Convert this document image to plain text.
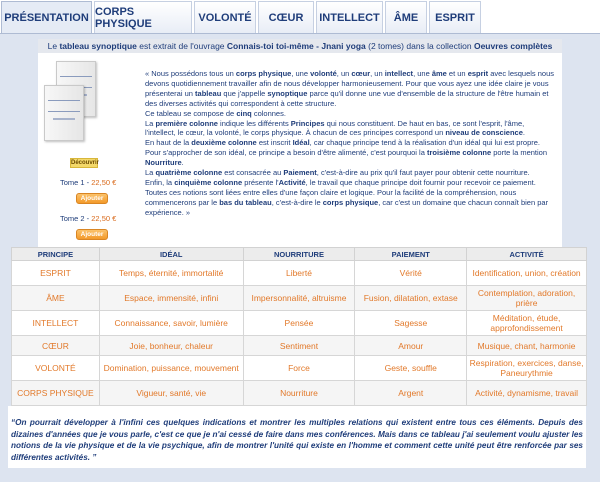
PRÉSENTATION CORPS PHYSIQUE	VOLONTÉ	CŒUR	INTELLECT	ÂME	ESPRIT
Le tableau synoptique est extrait de l'ouvrage Connais-toi toi-même - Jnani yoga (2 tomes) dans la collection Oeuvres complètes
Découvrir
Tome 1 - 22,50 €
Ajouter
Tome 2 - 22,50 €
Ajouter

« Nous possédons tous un corps physique, une volonté, un cœur, un intellect, une âme et un esprit avec lesquels nous devons quotidiennement travailler afin de nous développer harmonieusement. Pour que vous ayez une idée claire je vous présenterai un tableau que j'appelle synoptique parce qu'il donne une vue d'ensemble de la structure de l'être humain et des diverses activités qui correspondent à cette structure.

Ce tableau se compose de cinq colonnes.

La première colonne indique les différents Principes qui nous constituent. De haut en bas, ce sont l'esprit, l'âme, l'intellect, le cœur, la volonté, le corps physique. À chacun de ces principes correspond un niveau de conscience.

En haut de la deuxième colonne est inscrit Idéal, car chaque principe tend à la réalisation d'un idéal qui lui est propre.

Pour s'approcher de son idéal, ce principe a besoin d'être alimenté, c'est pourquoi la troisième colonne porte la mention Nourriture.

La quatrième colonne est consacrée au Paiement, c'est-à-dire au prix qu'il faut payer pour obtenir cette nourriture.

Enfin, la cinquième colonne présente l'Activité, le travail que chaque principe doit fournir pour recevoir ce paiement.

Toutes ces notions sont liées entre elles d'une façon claire et logique. Pour la facilité de la compréhension, nous commencerons par le bas du tableau, c'est-à-dire le corps physique, car c'est un domaine que chacun connaît bien par expérience. »

PRINCIPE	IDÉAL	NOURRITURE	PAIEMENT	ACTIVITÉ
ESPRIT	Temps, éternité, immortalité	Liberté	Vérité	Identification, union, création
ÂME	Espace, immensité, infini	Impersonnalité, altruisme	Fusion, dilatation, extase	Contemplation, adoration, prière
INTELLECT	Connaissance, savoir, lumière	Pensée	Sagesse	Méditation, étude, approfondissement
CŒUR	Joie, bonheur, chaleur	Sentiment	Amour	Musique, chant, harmonie
VOLONTÉ	Domination, puissance, mouvement	Force	Geste, souffle	Respiration, exercices, danse, Paneurythmie
CORPS PHYSIQUE	Vigueur, santé, vie	Nourriture	Argent	Activité, dynamisme, travail
“On pourrait développer à l'infini ces quelques indications et montrer les multiples relations qui existent entre tous ces éléments. Depuis des dizaines d'années que je vous parle, c'est ce que je n'ai cessé de faire dans mes conférences. Mais dans ce tableau j'ai seulement voulu ajuster les notions de la vie physique et de la vie psychique, afin de montrer l'unité qui existe en l'homme et comment cette unité peut être renforcée par ses différentes activités. ”
